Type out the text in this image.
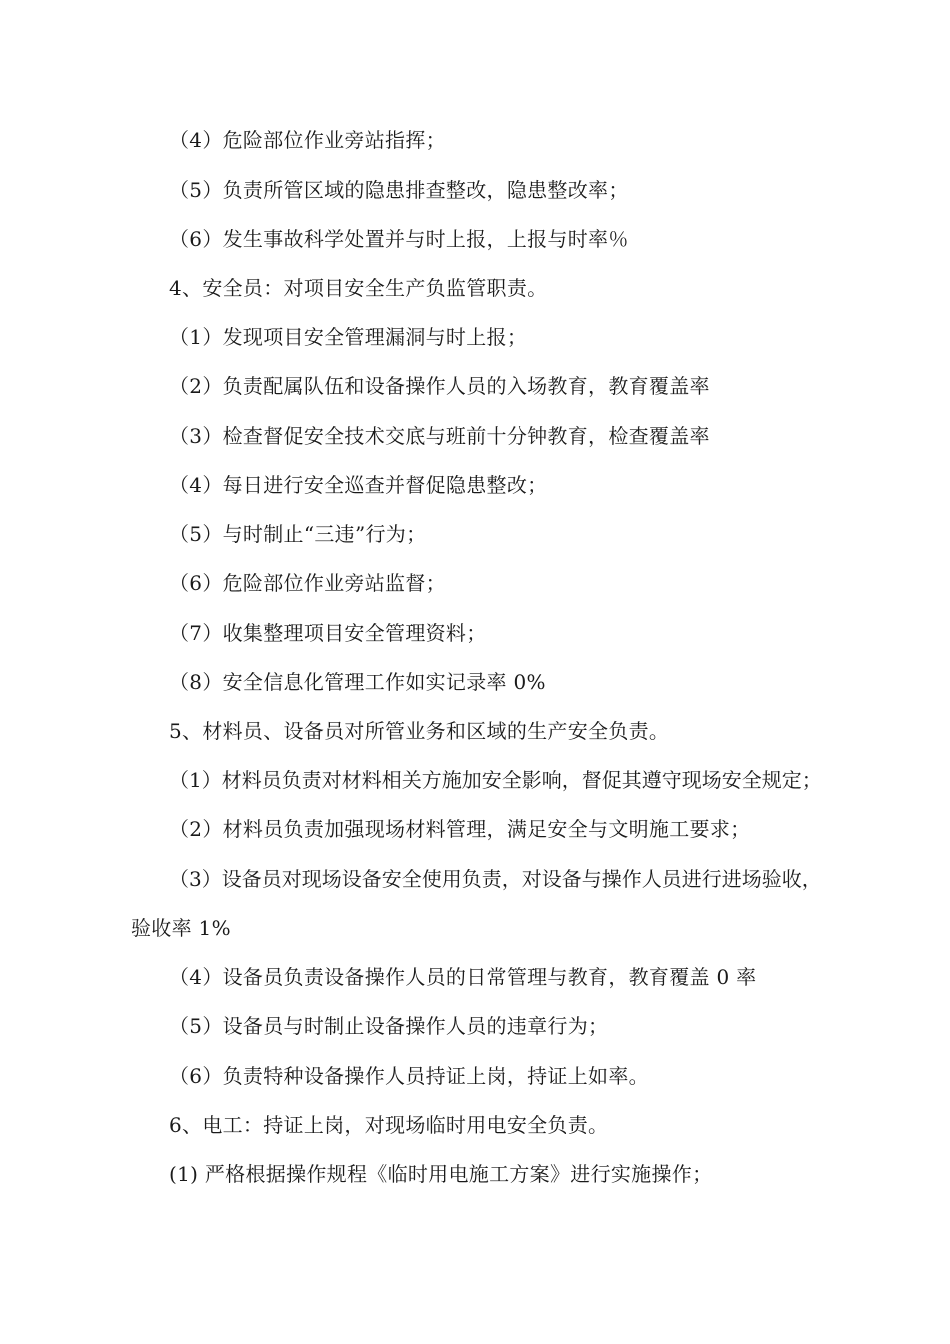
（4）危险部位作业旁站指挥；
（5）负责所管区域的隐患排查整改，隐患整改率；
（6）发生事故科学处置并与时上报，上报与时率％
4、安全员：对项目安全生产负监管职责。
（1）发现项目安全管理漏洞与时上报；
（2）负责配属队伍和设备操作人员的入场教育，教育覆盖率
（3）检查督促安全技术交底与班前十分钟教育，检查覆盖率
（4）每日进行安全巡查并督促隐患整改；
（5）与时制止“三违”行为；
（6）危险部位作业旁站监督；
（7）收集整理项目安全管理资料；
（8）安全信息化管理工作如实记录率 0%
5、材料员、设备员对所管业务和区域的生产安全负责。
（1）材料员负责对材料相关方施加安全影响，督促其遵守现场安全规定；
（2）材料员负责加强现场材料管理，满足安全与文明施工要求；
（3）设备员对现场设备安全使用负责，对设备与操作人员进行进场验收，
验收率 1%
（4）设备员负责设备操作人员的日常管理与教育，教育覆盖 0 率
（5）设备员与时制止设备操作人员的违章行为；
（6）负责特种设备操作人员持证上岗，持证上如率。
6、电工：持证上岗，对现场临时用电安全负责。
(1) 严格根据操作规程《临时用电施工方案》进行实施操作；
